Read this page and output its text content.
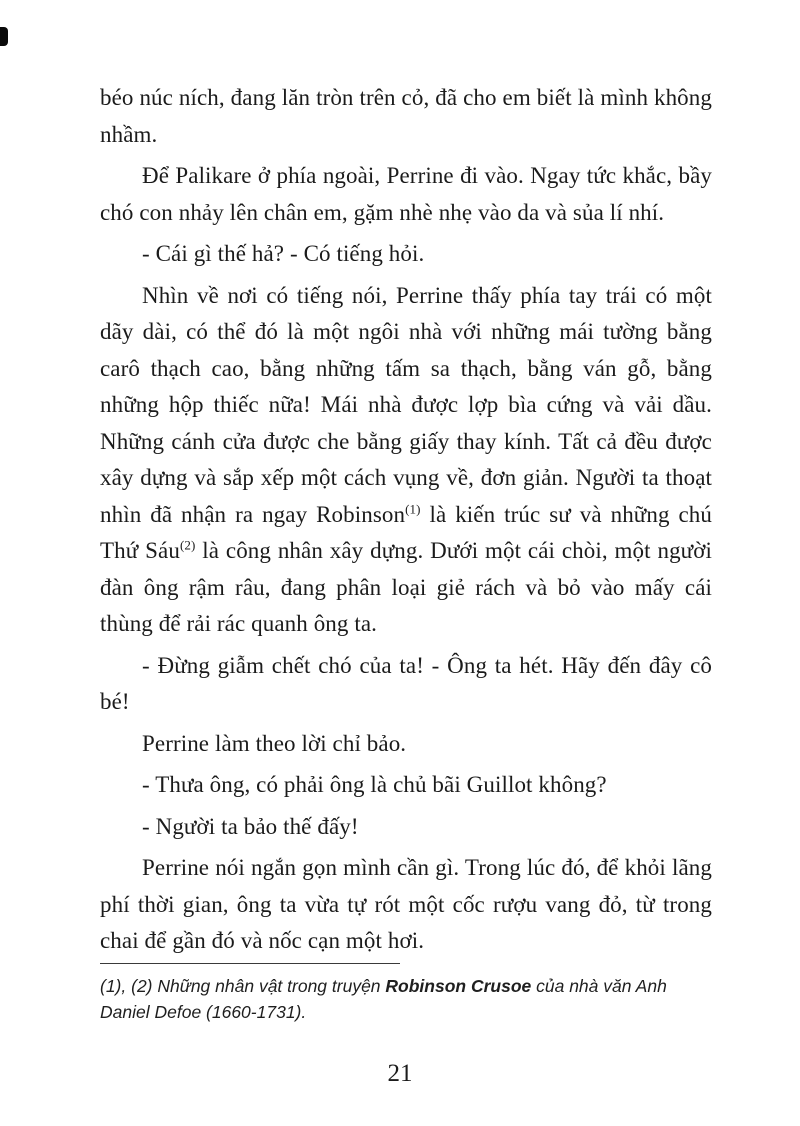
béo núc ních, đang lăn tròn trên cỏ, đã cho em biết là mình không nhầm.

Để Palikare ở phía ngoài, Perrine đi vào. Ngay tức khắc, bầy chó con nhảy lên chân em, gặm nhè nhẹ vào da và sủa lí nhí.

- Cái gì thế hả? - Có tiếng hỏi.

Nhìn về nơi có tiếng nói, Perrine thấy phía tay trái có một dãy dài, có thể đó là một ngôi nhà với những mái tường bằng carô thạch cao, bằng những tấm sa thạch, bằng ván gỗ, bằng những hộp thiếc nữa! Mái nhà được lợp bìa cứng và vải dầu. Những cánh cửa được che bằng giấy thay kính. Tất cả đều được xây dựng và sắp xếp một cách vụng về, đơn giản. Người ta thoạt nhìn đã nhận ra ngay Robinson$^{(1)}$ là kiến trúc sư và những chú Thứ Sáu$^{(2)}$ là công nhân xây dựng. Dưới một cái chòi, một người đàn ông rậm râu, đang phân loại giẻ rách và bỏ vào mấy cái thùng để rải rác quanh ông ta.

- Đừng giẫm chết chó của ta! - Ông ta hét. Hãy đến đây cô bé!

Perrine làm theo lời chỉ bảo.

- Thưa ông, có phải ông là chủ bãi Guillot không?

- Người ta bảo thế đấy!

Perrine nói ngắn gọn mình cần gì. Trong lúc đó, để khỏi lãng phí thời gian, ông ta vừa tự rót một cốc rượu vang đỏ, từ trong chai để gần đó và nốc cạn một hơi.

(1), (2) Những nhân vật trong truyện Robinson Crusoe của nhà văn Anh Daniel Defoe (1660-1731).

21
